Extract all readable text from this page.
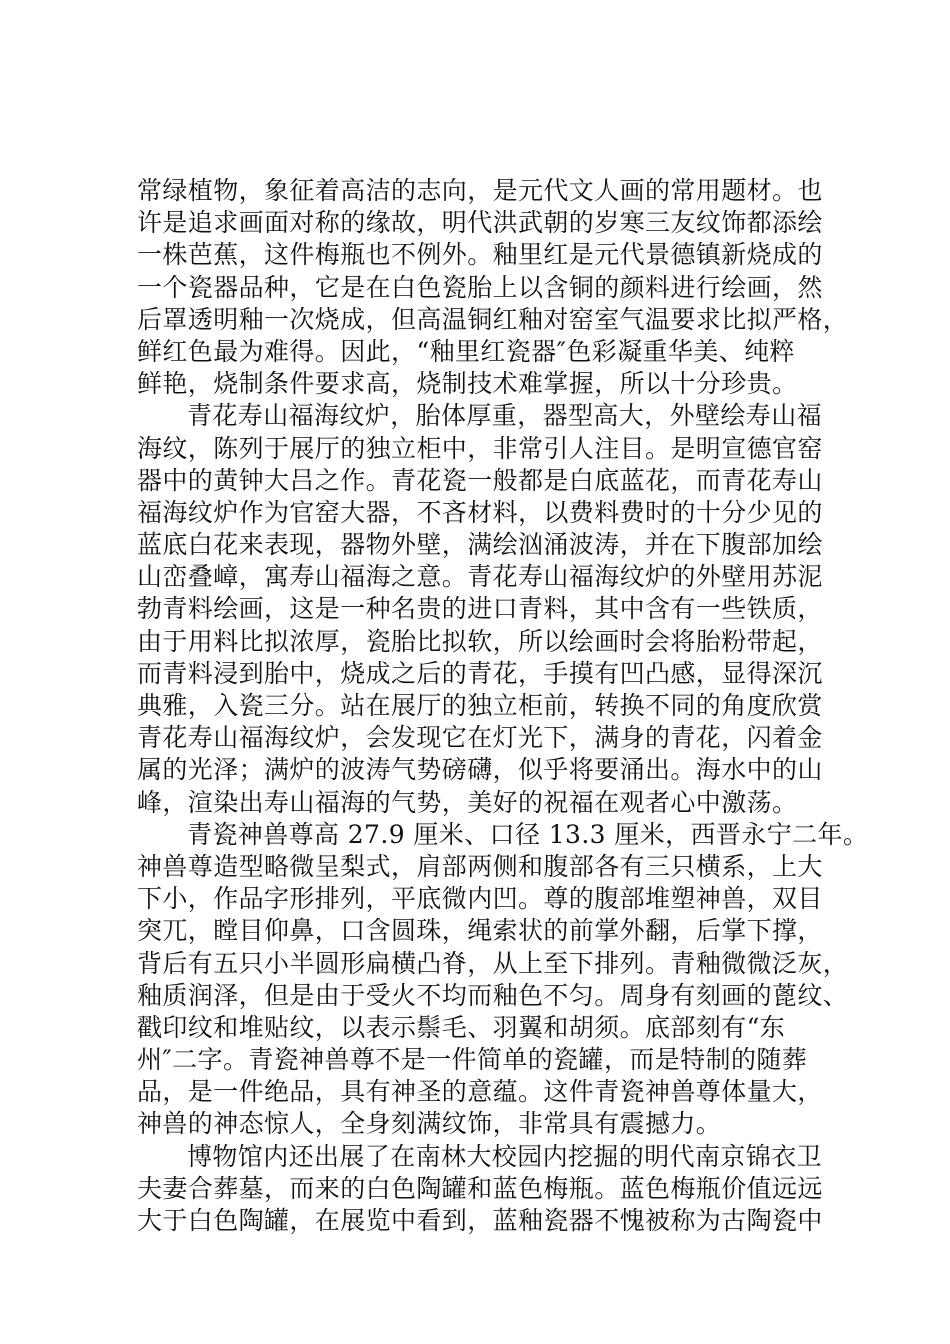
常绿植物，象征着高洁的志向，是元代文人画的常用题材。也
许是追求画面对称的缘故，明代洪武朝的岁寒三友纹饰都添绘
一株芭蕉，这件梅瓶也不例外。釉里红是元代景德镇新烧成的
一个瓷器品种，它是在白色瓷胎上以含铜的颜料进行绘画，然
后罩透明釉一次烧成，但高温铜红釉对窑室气温要求比拟严格，
鲜红色最为难得。因此，“釉里红瓷器″色彩凝重华美、纯粹
鲜艳，烧制条件要求高，烧制技术难掌握，所以十分珍贵。
青花寿山福海纹炉，胎体厚重，器型高大，外壁绘寿山福
海纹，陈列于展厅的独立柜中，非常引人注目。是明宣德官窑
器中的黄钟大吕之作。青花瓷一般都是白底蓝花，而青花寿山
福海纹炉作为官窑大器，不吝材料，以费料费时的十分少见的
蓝底白花来表现，器物外壁，满绘汹涌波涛，并在下腹部加绘
山峦叠嶂，寓寿山福海之意。青花寿山福海纹炉的外壁用苏泥
勃青料绘画，这是一种名贵的进口青料，其中含有一些铁质，
由于用料比拟浓厚，瓷胎比拟软，所以绘画时会将胎粉带起，
而青料浸到胎中，烧成之后的青花，手摸有凹凸感，显得深沉
典雅，入瓷三分。站在展厅的独立柜前，转换不同的角度欣赏
青花寿山福海纹炉，会发现它在灯光下，满身的青花，闪着金
属的光泽；满炉的波涛气势磅礴，似乎将要涌出。海水中的山
峰，渲染出寿山福海的气势，美好的祝福在观者心中激荡。
青瓷神兽尊高 27.9 厘米、口径 13.3 厘米，西晋永宁二年。
神兽尊造型略微呈梨式，肩部两侧和腹部各有三只横系，上大
下小，作品字形排列，平底微内凹。尊的腹部堆塑神兽，双目
突兀，瞠目仰鼻，口含圆珠，绳索状的前掌外翻，后掌下撑，
背后有五只小半圆形扁横凸脊，从上至下排列。青釉微微泛灰，
釉质润泽，但是由于受火不均而釉色不匀。周身有刻画的蓖纹、
戳印纹和堆贴纹，以表示鬃毛、羽翼和胡须。底部刻有“东
州″二字。青瓷神兽尊不是一件简单的瓷罐，而是特制的随葬
品，是一件绝品，具有神圣的意蕴。这件青瓷神兽尊体量大，
神兽的神态惊人，全身刻满纹饰，非常具有震撼力。
博物馆内还出展了在南林大校园内挖掘的明代南京锦衣卫
夫妻合葬墓，而来的白色陶罐和蓝色梅瓶。蓝色梅瓶价值远远
大于白色陶罐，在展览中看到，蓝釉瓷器不愧被称为古陶瓷中
